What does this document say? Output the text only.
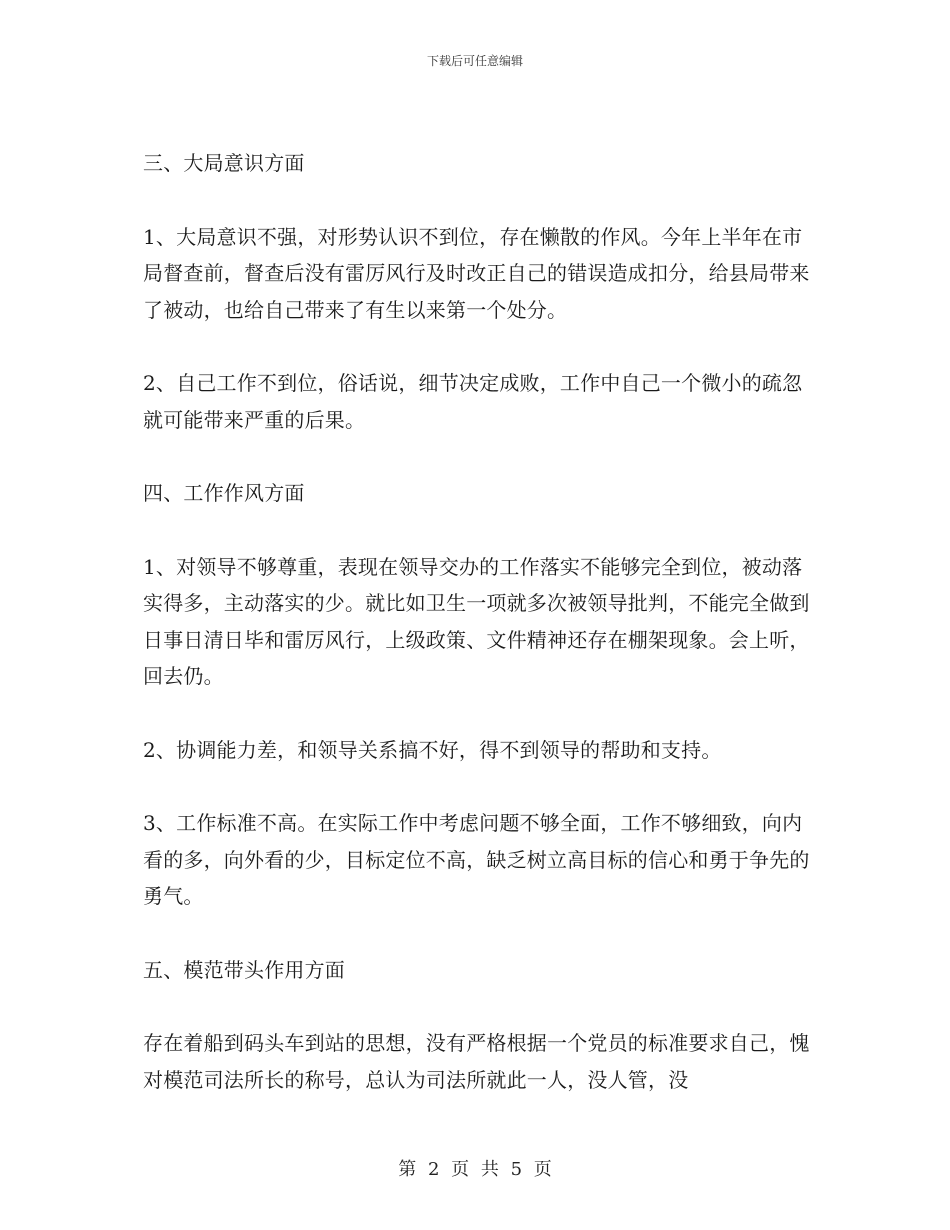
下载后可任意编辑

三、大局意识方面

1、大局意识不强，对形势认识不到位，存在懒散的作风。今年上半年在市局督查前，督查后没有雷厉风行及时改正自己的错误造成扣分，给县局带来了被动，也给自己带来了有生以来第一个处分。

2、自己工作不到位，俗话说，细节决定成败，工作中自己一个微小的疏忽就可能带来严重的后果。

四、工作作风方面

1、对领导不够尊重，表现在领导交办的工作落实不能够完全到位，被动落实得多，主动落实的少。就比如卫生一项就多次被领导批判，不能完全做到日事日清日毕和雷厉风行，上级政策、文件精神还存在棚架现象。会上听，回去仍。

2、协调能力差，和领导关系搞不好，得不到领导的帮助和支持。

3、工作标准不高。在实际工作中考虑问题不够全面，工作不够细致，向内看的多，向外看的少，目标定位不高，缺乏树立高目标的信心和勇于争先的勇气。

五、模范带头作用方面

存在着船到码头车到站的思想，没有严格根据一个党员的标准要求自己，愧对模范司法所长的称号，总认为司法所就此一人，没人管，没

第 2 页 共 5 页
